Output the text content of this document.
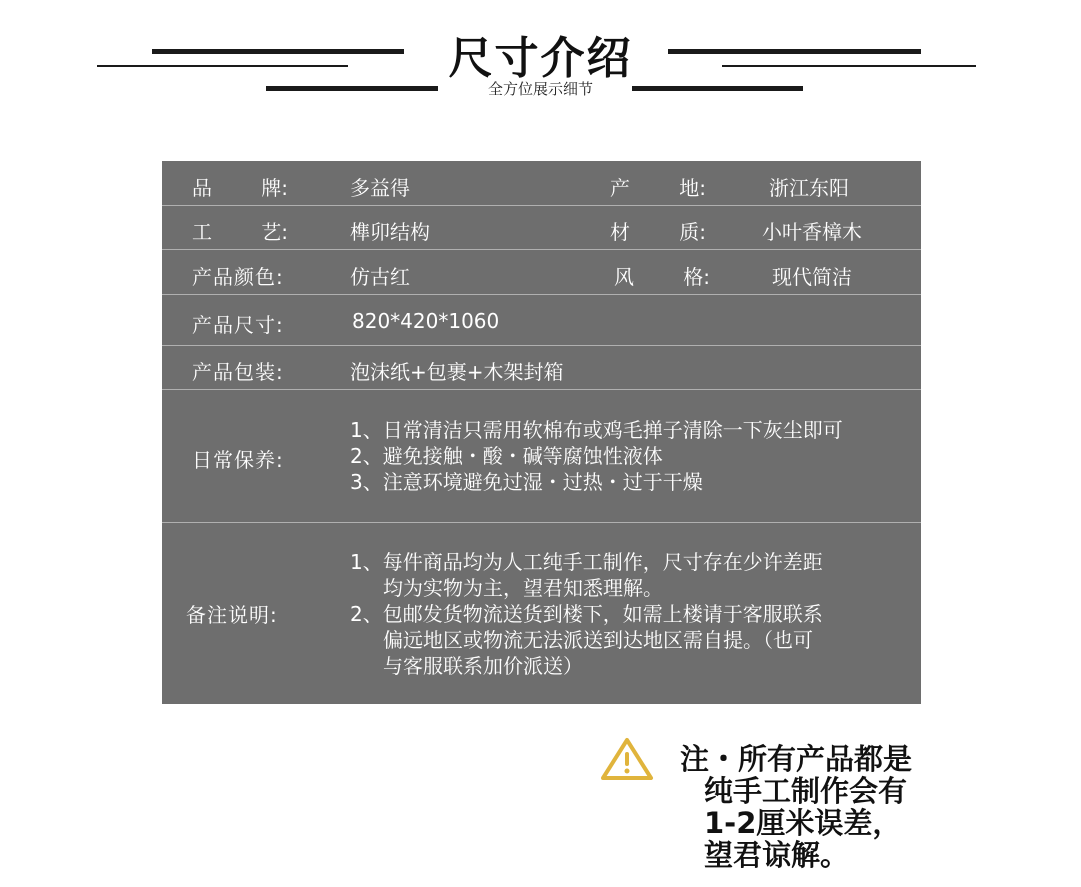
尺寸介绍
全方位展示细节
品 牌:	多益得	产 地:	浙江东阳
工 艺:	榫卯结构	材 质:	小叶香樟木
产品颜色:	仿古红	风 格:	现代简洁
产品尺寸:	820*420*1060
产品包装:	泡沫纸+包裹+木架封箱
日常保养:
1、日常清洁只需用软棉布或鸡毛掸子清除一下灰尘即可
2、避免接触・酸・碱等腐蚀性液体
3、注意环境避免过湿・过热・过于干燥
备注说明:
1、每件商品均为人工纯手工制作，尺寸存在少许差距
均为实物为主，望君知悉理解。
2、包邮发货物流送货到楼下，如需上楼请于客服联系
偏远地区或物流无法派送到达地区需自提。（也可
与客服联系加价派送）
注・所有产品都是
纯手工制作会有
1-2厘米误差，
望君谅解。
